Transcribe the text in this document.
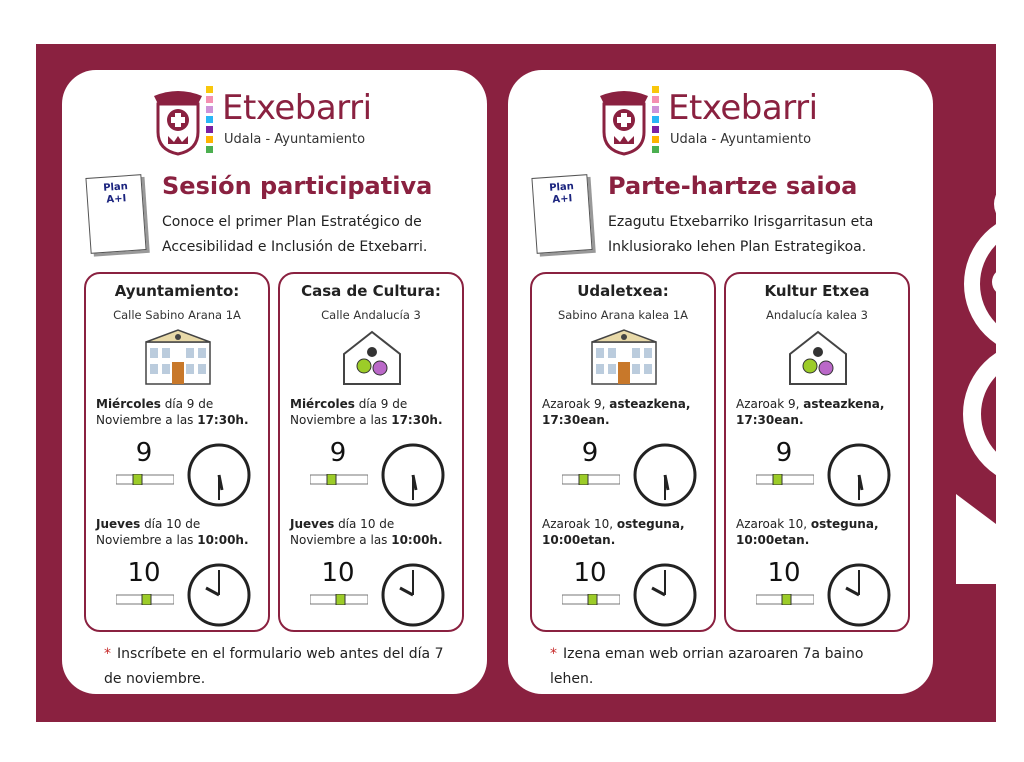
Etxebarri
Udala - Ayuntamiento
Plan
A+I	Sesión participativa
Conoce el primer Plan Estratégico de Accesibilidad e Inclusión de Etxebarri.
Ayuntamiento:
Calle Sabino Arana 1A
Miércoles día 9 de Noviembre a las 17:30h.
9
Jueves día 10 de Noviembre a las 10:00h.
10
Casa de Cultura:
Calle Andalucía 3
Miércoles día 9 de Noviembre a las 17:30h.
9
Jueves día 10 de Noviembre a las 10:00h.
10
* Inscríbete en el formulario web antes del día 7 de noviembre.
Etxebarri
Udala - Ayuntamiento
Plan
A+I	Parte-hartze saioa
Ezagutu Etxebarriko Irisgarritasun eta Inklusiorako lehen Plan Estrategikoa.
Udaletxea:
Sabino Arana kalea 1A
Azaroak 9, asteazkena, 17:30ean.
9
Azaroak 10, osteguna, 10:00etan.
10
Kultur Etxea
Andalucía kalea 3
Azaroak 9, asteazkena, 17:30ean.
9
Azaroak 10, osteguna, 10:00etan.
10
* Izena eman web orrian azaroaren 7a baino lehen.
